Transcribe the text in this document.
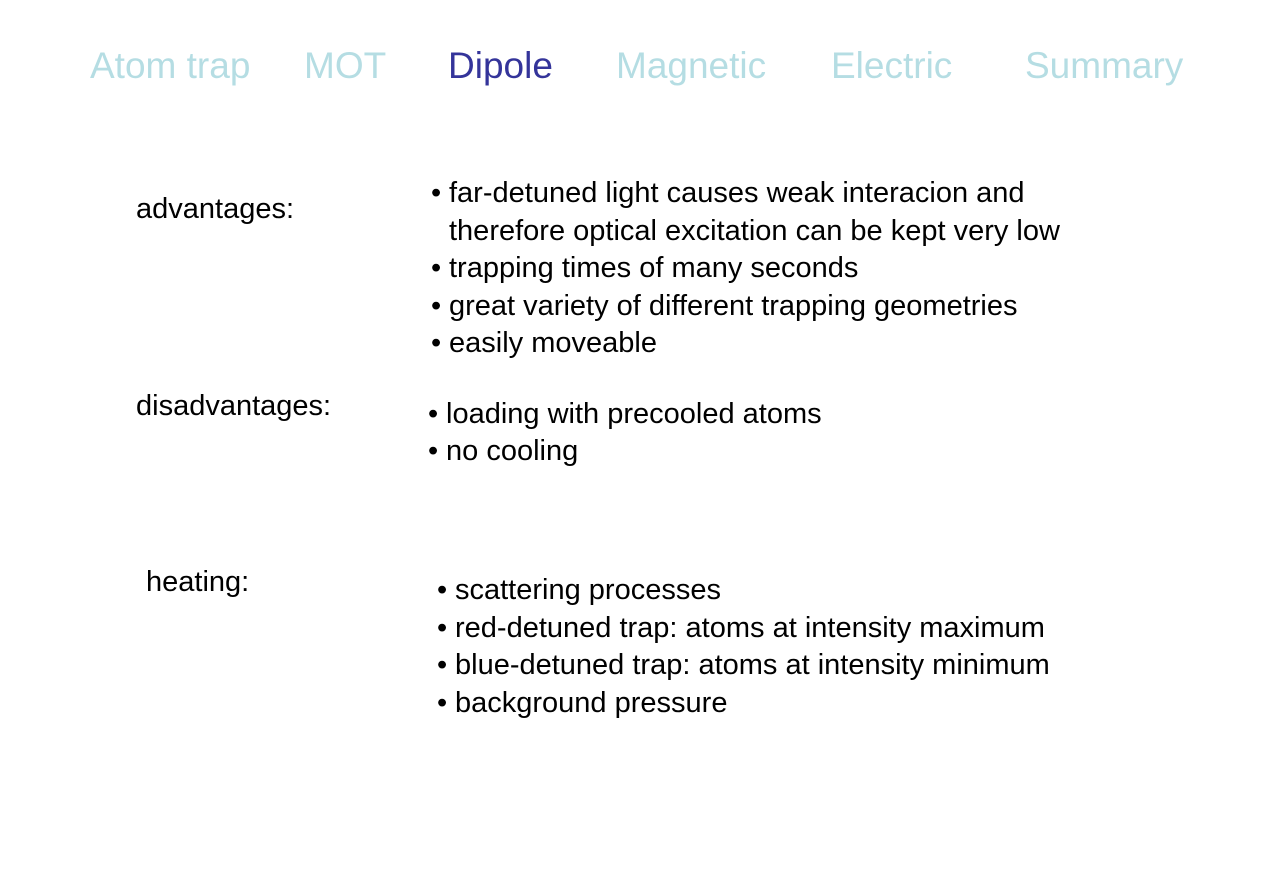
Atom trap MOT Dipole Magnetic Electric Summary
advantages:	• far-detuned light causes weak interacion and
therefore optical excitation can be kept very low
• trapping times of many seconds
• great variety of different trapping geometries
• easily moveable
disadvantages:	• loading with precooled atoms
• no cooling
heating:	• scattering processes
• red-detuned trap: atoms at intensity maximum
• blue-detuned trap: atoms at intensity minimum
• background pressure
